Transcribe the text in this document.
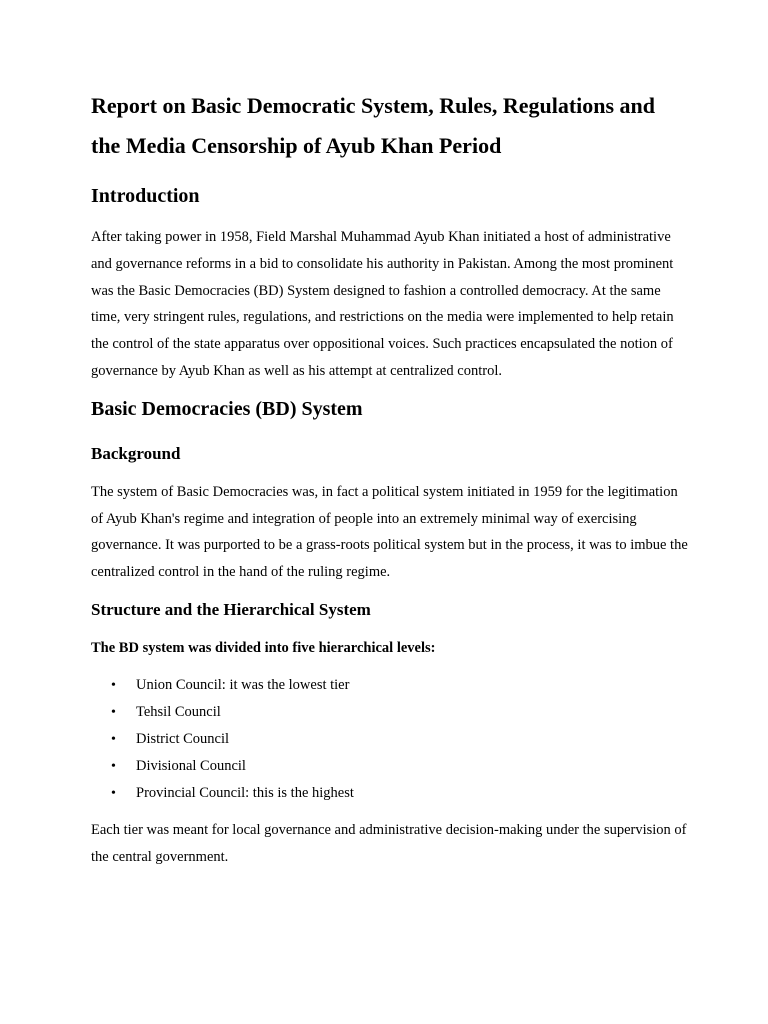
Report on Basic Democratic System, Rules, Regulations and
the Media Censorship of Ayub Khan Period
Introduction

After taking power in 1958, Field Marshal Muhammad Ayub Khan initiated a host of administrative and governance reforms in a bid to consolidate his authority in Pakistan. Among the most prominent was the Basic Democracies (BD) System designed to fashion a controlled democracy. At the same time, very stringent rules, regulations, and restrictions on the media were implemented to help retain the control of the state apparatus over oppositional voices. Such practices encapsulated the notion of governance by Ayub Khan as well as his attempt at centralized control.

Basic Democracies (BD) System
Background

The system of Basic Democracies was, in fact a political system initiated in 1959 for the legitimation of Ayub Khan's regime and integration of people into an extremely minimal way of exercising governance. It was purported to be a grass-roots political system but in the process, it was to imbue the centralized control in the hand of the ruling regime.

Structure and the Hierarchical System

The BD system was divided into five hierarchical levels:

• Union Council: it was the lowest tier
• Tehsil Council
• District Council
• Divisional Council
• Provincial Council: this is the highest

Each tier was meant for local governance and administrative decision-making under the supervision of the central government.
